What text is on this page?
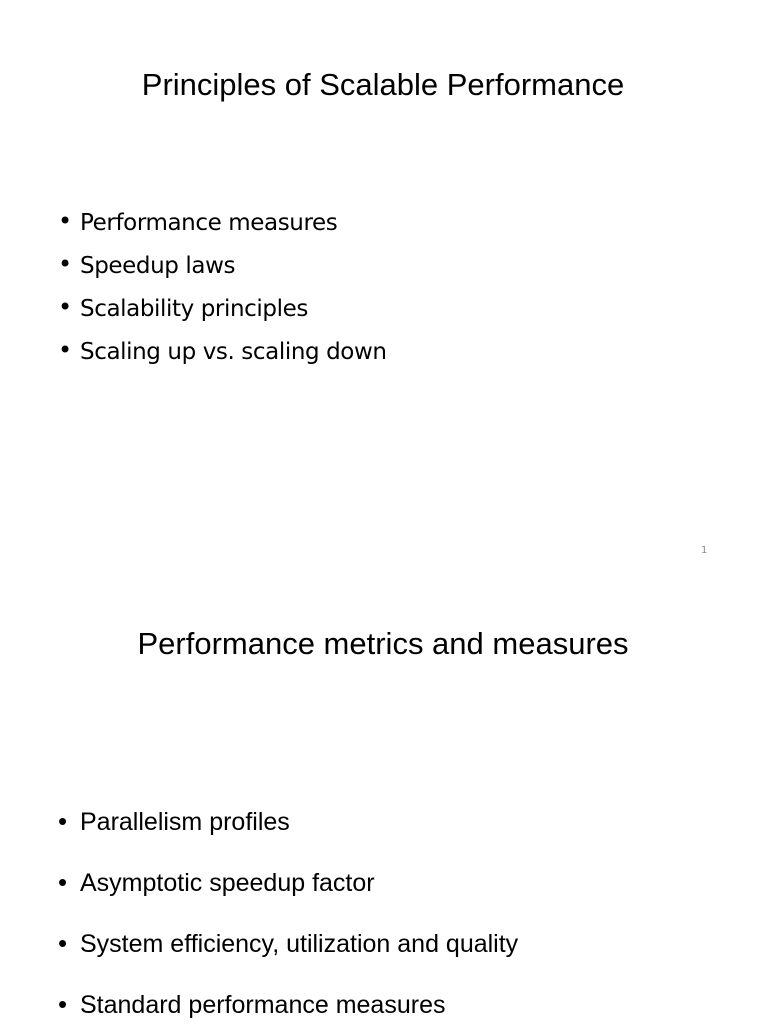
Principles of Scalable Performance
• Performance measures
• Speedup laws
• Scalability principles
• Scaling up vs. scaling down
1
Performance metrics and measures
• Parallelism profiles
• Asymptotic speedup factor
• System efficiency, utilization and quality
• Standard performance measures
